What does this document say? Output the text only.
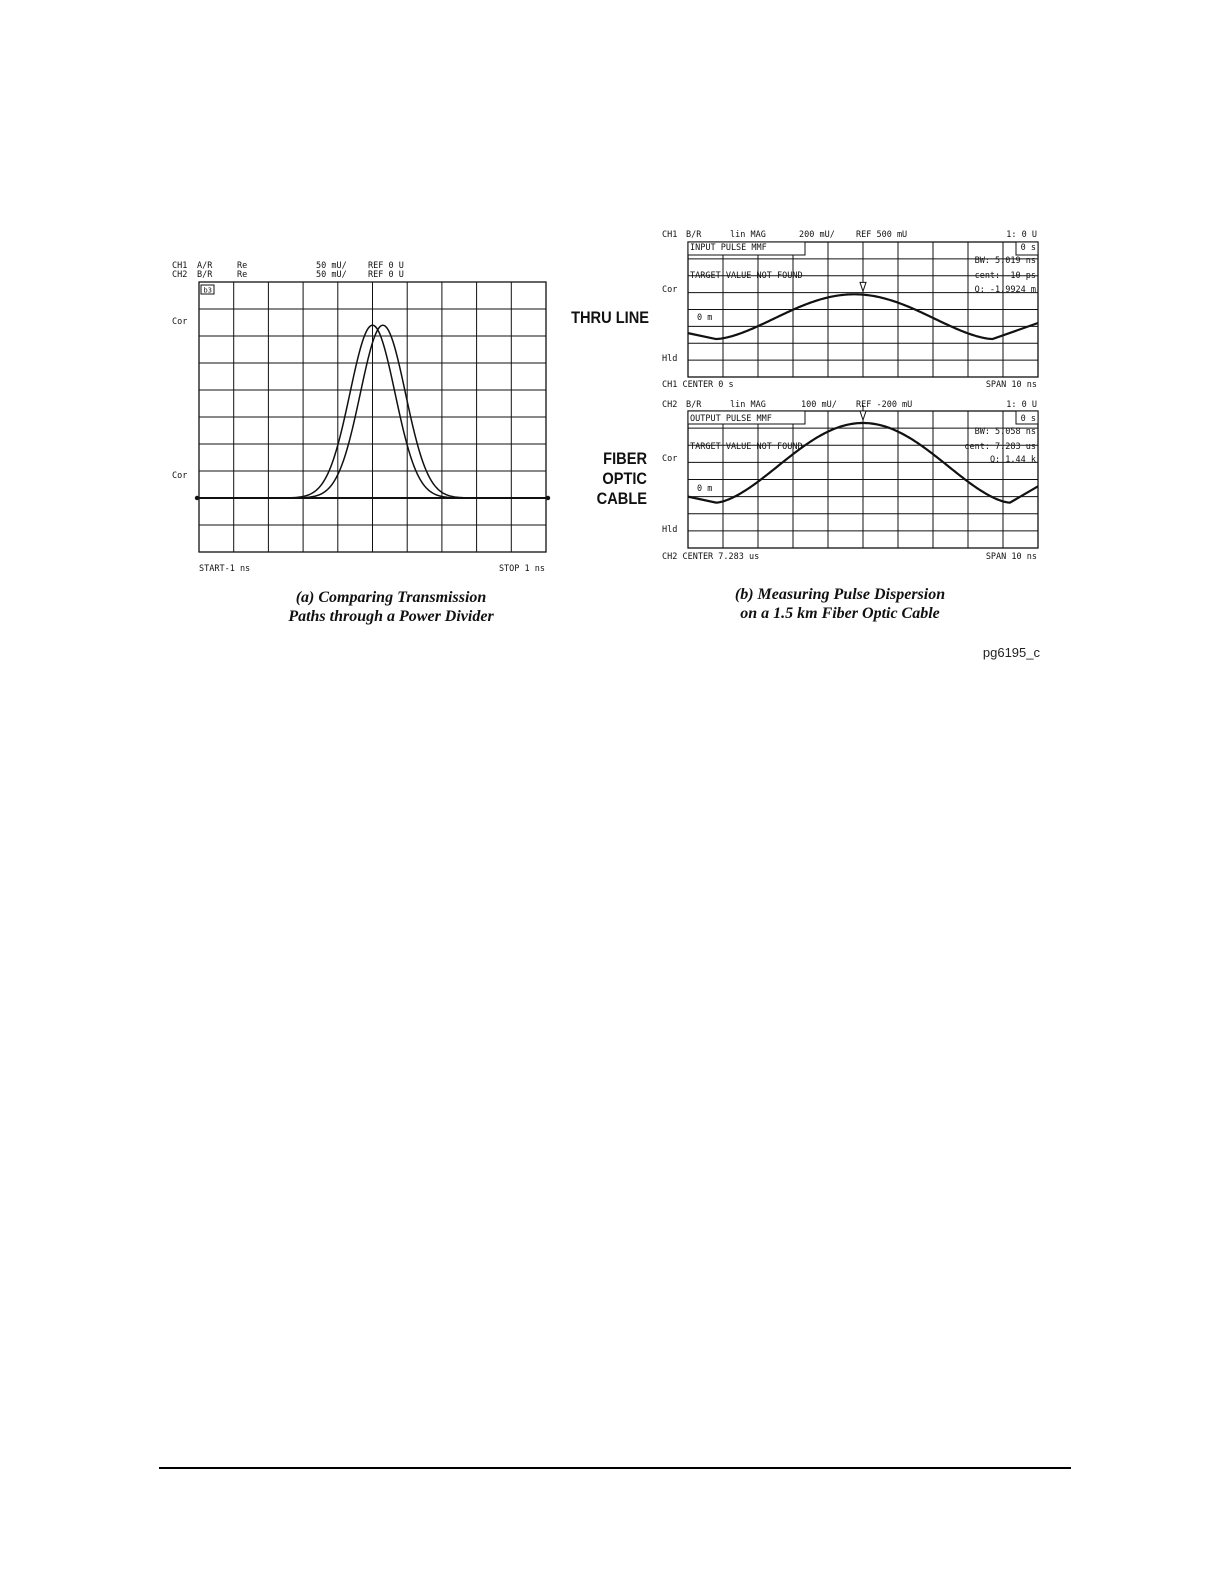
CH1 A/R	Re	50 mU/	REF 0 U
CH2 B/R	Re	50 mU/	REF 0 U
b3
Cor
Cor
START-1 ns	STOP 1 ns
(a) Comparing Transmission
Paths through a Power Divider
THRU LINE
FIBER
OPTIC
CABLE
CH1 B/R	lin MAG	200 mU/ REF 500 mU	1: 0 U
Cor
Hld
INPUT PULSE MMF	0 s
BW: 5.019 ns
TARGET VALUE NOT FOUND	cent: -10 ps
Q: -1.9924 m
0 m
CH1 CENTER 0 s	SPAN 10 ns
CH2 B/R	lin MAG	100 mU/ REF -200 mU	1: 0 U
Cor
Hld
OUTPUT PULSE MMF	0 s
BW: 5.058 ns
TARGET VALUE NOT FOUND	cent: 7.283 us
Q: 1.44 k
0 m
CH2 CENTER 7.283 us	SPAN 10 ns
(b) Measuring Pulse Dispersion
on a 1.5 km Fiber Optic Cable
pg6195_c
